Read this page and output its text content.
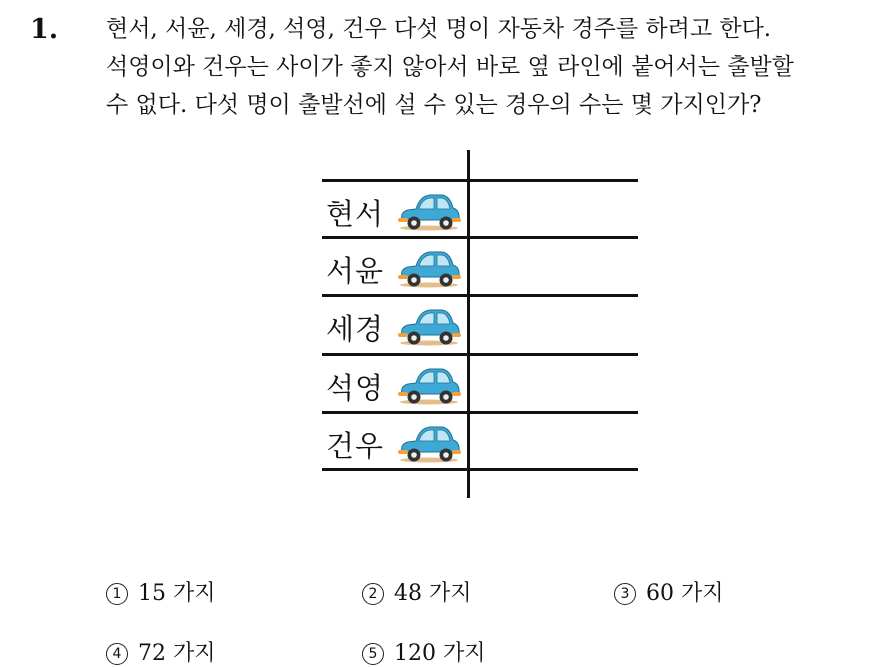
1. 현서, 서윤, 세경, 석영, 건우 다섯 명이 자동차 경주를 하려고 한다.
석영이와 건우는 사이가 좋지 않아서 바로 옆 라인에 붙어서는 출발할
수 없다. 다섯 명이 출발선에 설 수 있는 경우의 수는 몇 가지인가?
현서
서윤
세경
석영
건우
1 15 가지	2 48 가지	3 60 가지
4 72 가지	5 120 가지
